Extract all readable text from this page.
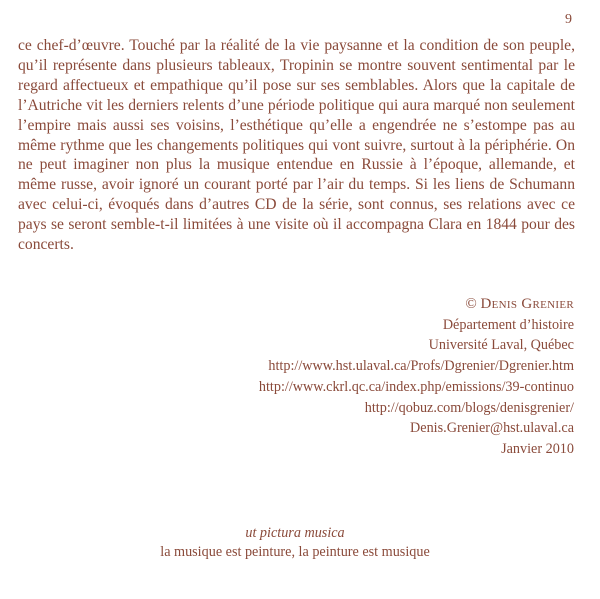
9

ce chef-d’œuvre. Touché par la réalité de la vie paysanne et la condition de son peuple, qu’il représente dans plusieurs tableaux, Tropinin se montre souvent sentimental par le regard affectueux et empathique qu’il pose sur ses semblables. Alors que la capitale de l’Autriche vit les derniers relents d’une période politique qui aura marqué non seulement l’empire mais aussi ses voisins, l’esthétique qu’elle a engendrée ne s’estompe pas au même rythme que les changements politiques qui vont suivre, surtout à la périphérie. On ne peut imaginer non plus la musique entendue en Russie à l’époque, allemande, et même russe, avoir ignoré un courant porté par l’air du temps. Si les liens de Schumann avec celui-ci, évoqués dans d’autres CD de la série, sont connus, ses relations avec ce pays se seront semble-t-il limitées à une visite où il accompagna Clara en 1844 pour des concerts.

© Denis Grenier
Département d’histoire
Université Laval, Québec
http://www.hst.ulaval.ca/Profs/Dgrenier/Dgrenier.htm
http://www.ckrl.qc.ca/index.php/emissions/39-continuo
http://qobuz.com/blogs/denisgrenier/
Denis.Grenier@hst.ulaval.ca
Janvier 2010
ut pictura musica
la musique est peinture, la peinture est musique
